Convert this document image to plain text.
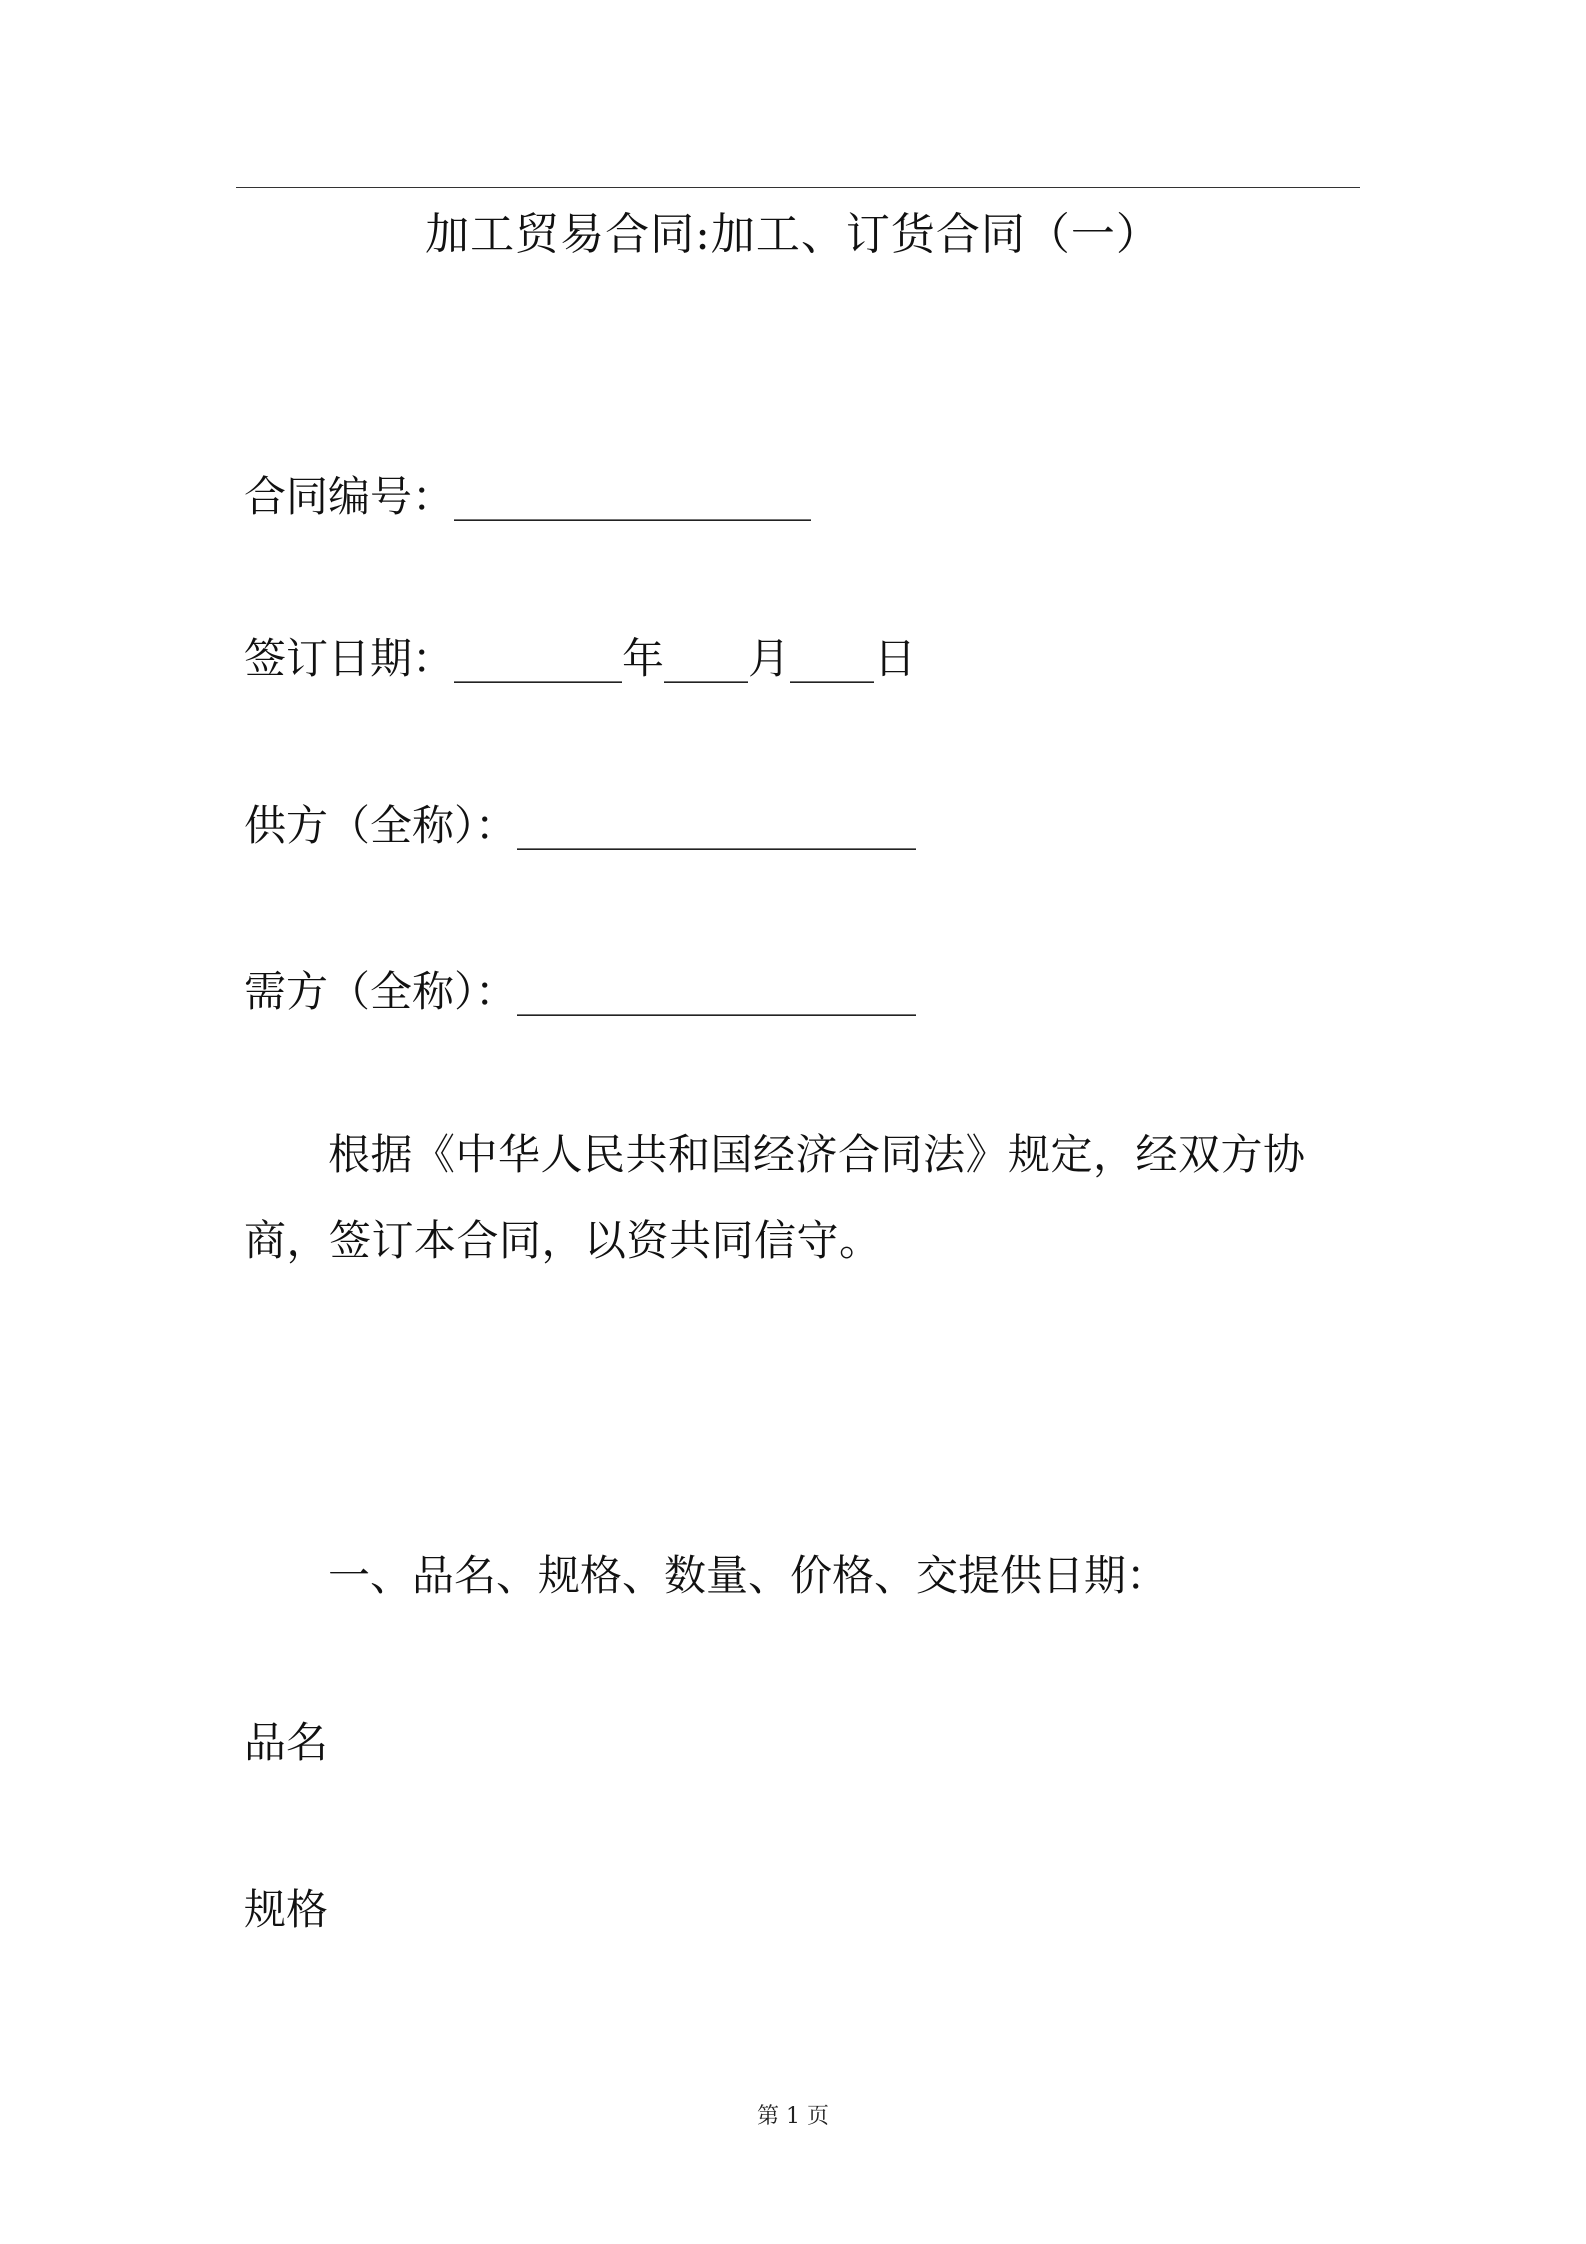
加工贸易合同:加工、订货合同（一）
合同编号：_________________
签订日期：________年____月____日
供方（全称）：___________________
需方（全称）：___________________
根据《中华人民共和国经济合同法》规定，经双方协商，签订本合同，以资共同信守。
一、品名、规格、数量、价格、交提供日期：
品名
规格
第 1 页
